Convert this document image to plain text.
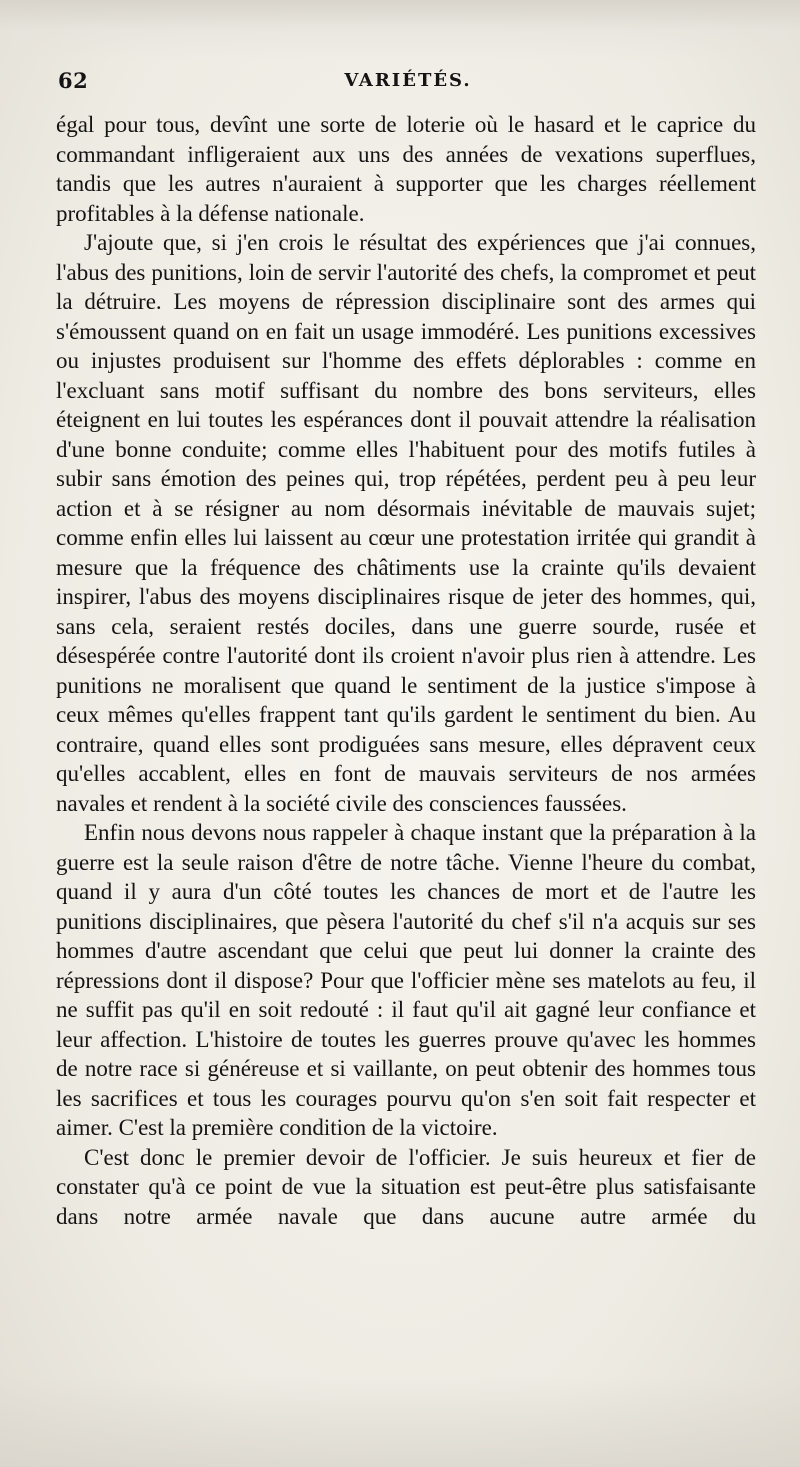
62	VARIÉTÉS.

égal pour tous, devînt une sorte de loterie où le hasard et le caprice du commandant infligeraient aux uns des années de vexations superflues, tandis que les autres n'auraient à supporter que les charges réellement profitables à la défense nationale.

J'ajoute que, si j'en crois le résultat des expériences que j'ai connues, l'abus des punitions, loin de servir l'autorité des chefs, la compromet et peut la détruire. Les moyens de répression disciplinaire sont des armes qui s'émoussent quand on en fait un usage immodéré. Les punitions excessives ou injustes produisent sur l'homme des effets déplorables : comme en l'excluant sans motif suffisant du nombre des bons serviteurs, elles éteignent en lui toutes les espérances dont il pouvait attendre la réalisation d'une bonne conduite; comme elles l'habituent pour des motifs futiles à subir sans émotion des peines qui, trop répétées, perdent peu à peu leur action et à se résigner au nom désormais inévitable de mauvais sujet; comme enfin elles lui laissent au cœur une protestation irritée qui grandit à mesure que la fréquence des châtiments use la crainte qu'ils devaient inspirer, l'abus des moyens disciplinaires risque de jeter des hommes, qui, sans cela, seraient restés dociles, dans une guerre sourde, rusée et désespérée contre l'autorité dont ils croient n'avoir plus rien à attendre. Les punitions ne moralisent que quand le sentiment de la justice s'impose à ceux mêmes qu'elles frappent tant qu'ils gardent le sentiment du bien. Au contraire, quand elles sont prodiguées sans mesure, elles dépravent ceux qu'elles accablent, elles en font de mauvais serviteurs de nos armées navales et rendent à la société civile des consciences faussées.

Enfin nous devons nous rappeler à chaque instant que la préparation à la guerre est la seule raison d'être de notre tâche. Vienne l'heure du combat, quand il y aura d'un côté toutes les chances de mort et de l'autre les punitions disciplinaires, que pèsera l'autorité du chef s'il n'a acquis sur ses hommes d'autre ascendant que celui que peut lui donner la crainte des répressions dont il dispose? Pour que l'officier mène ses matelots au feu, il ne suffit pas qu'il en soit redouté : il faut qu'il ait gagné leur confiance et leur affection. L'histoire de toutes les guerres prouve qu'avec les hommes de notre race si généreuse et si vaillante, on peut obtenir des hommes tous les sacrifices et tous les courages pourvu qu'on s'en soit fait respecter et aimer. C'est la première condition de la victoire.

C'est donc le premier devoir de l'officier. Je suis heureux et fier de constater qu'à ce point de vue la situation est peut-être plus satisfaisante dans notre armée navale que dans aucune autre armée du
